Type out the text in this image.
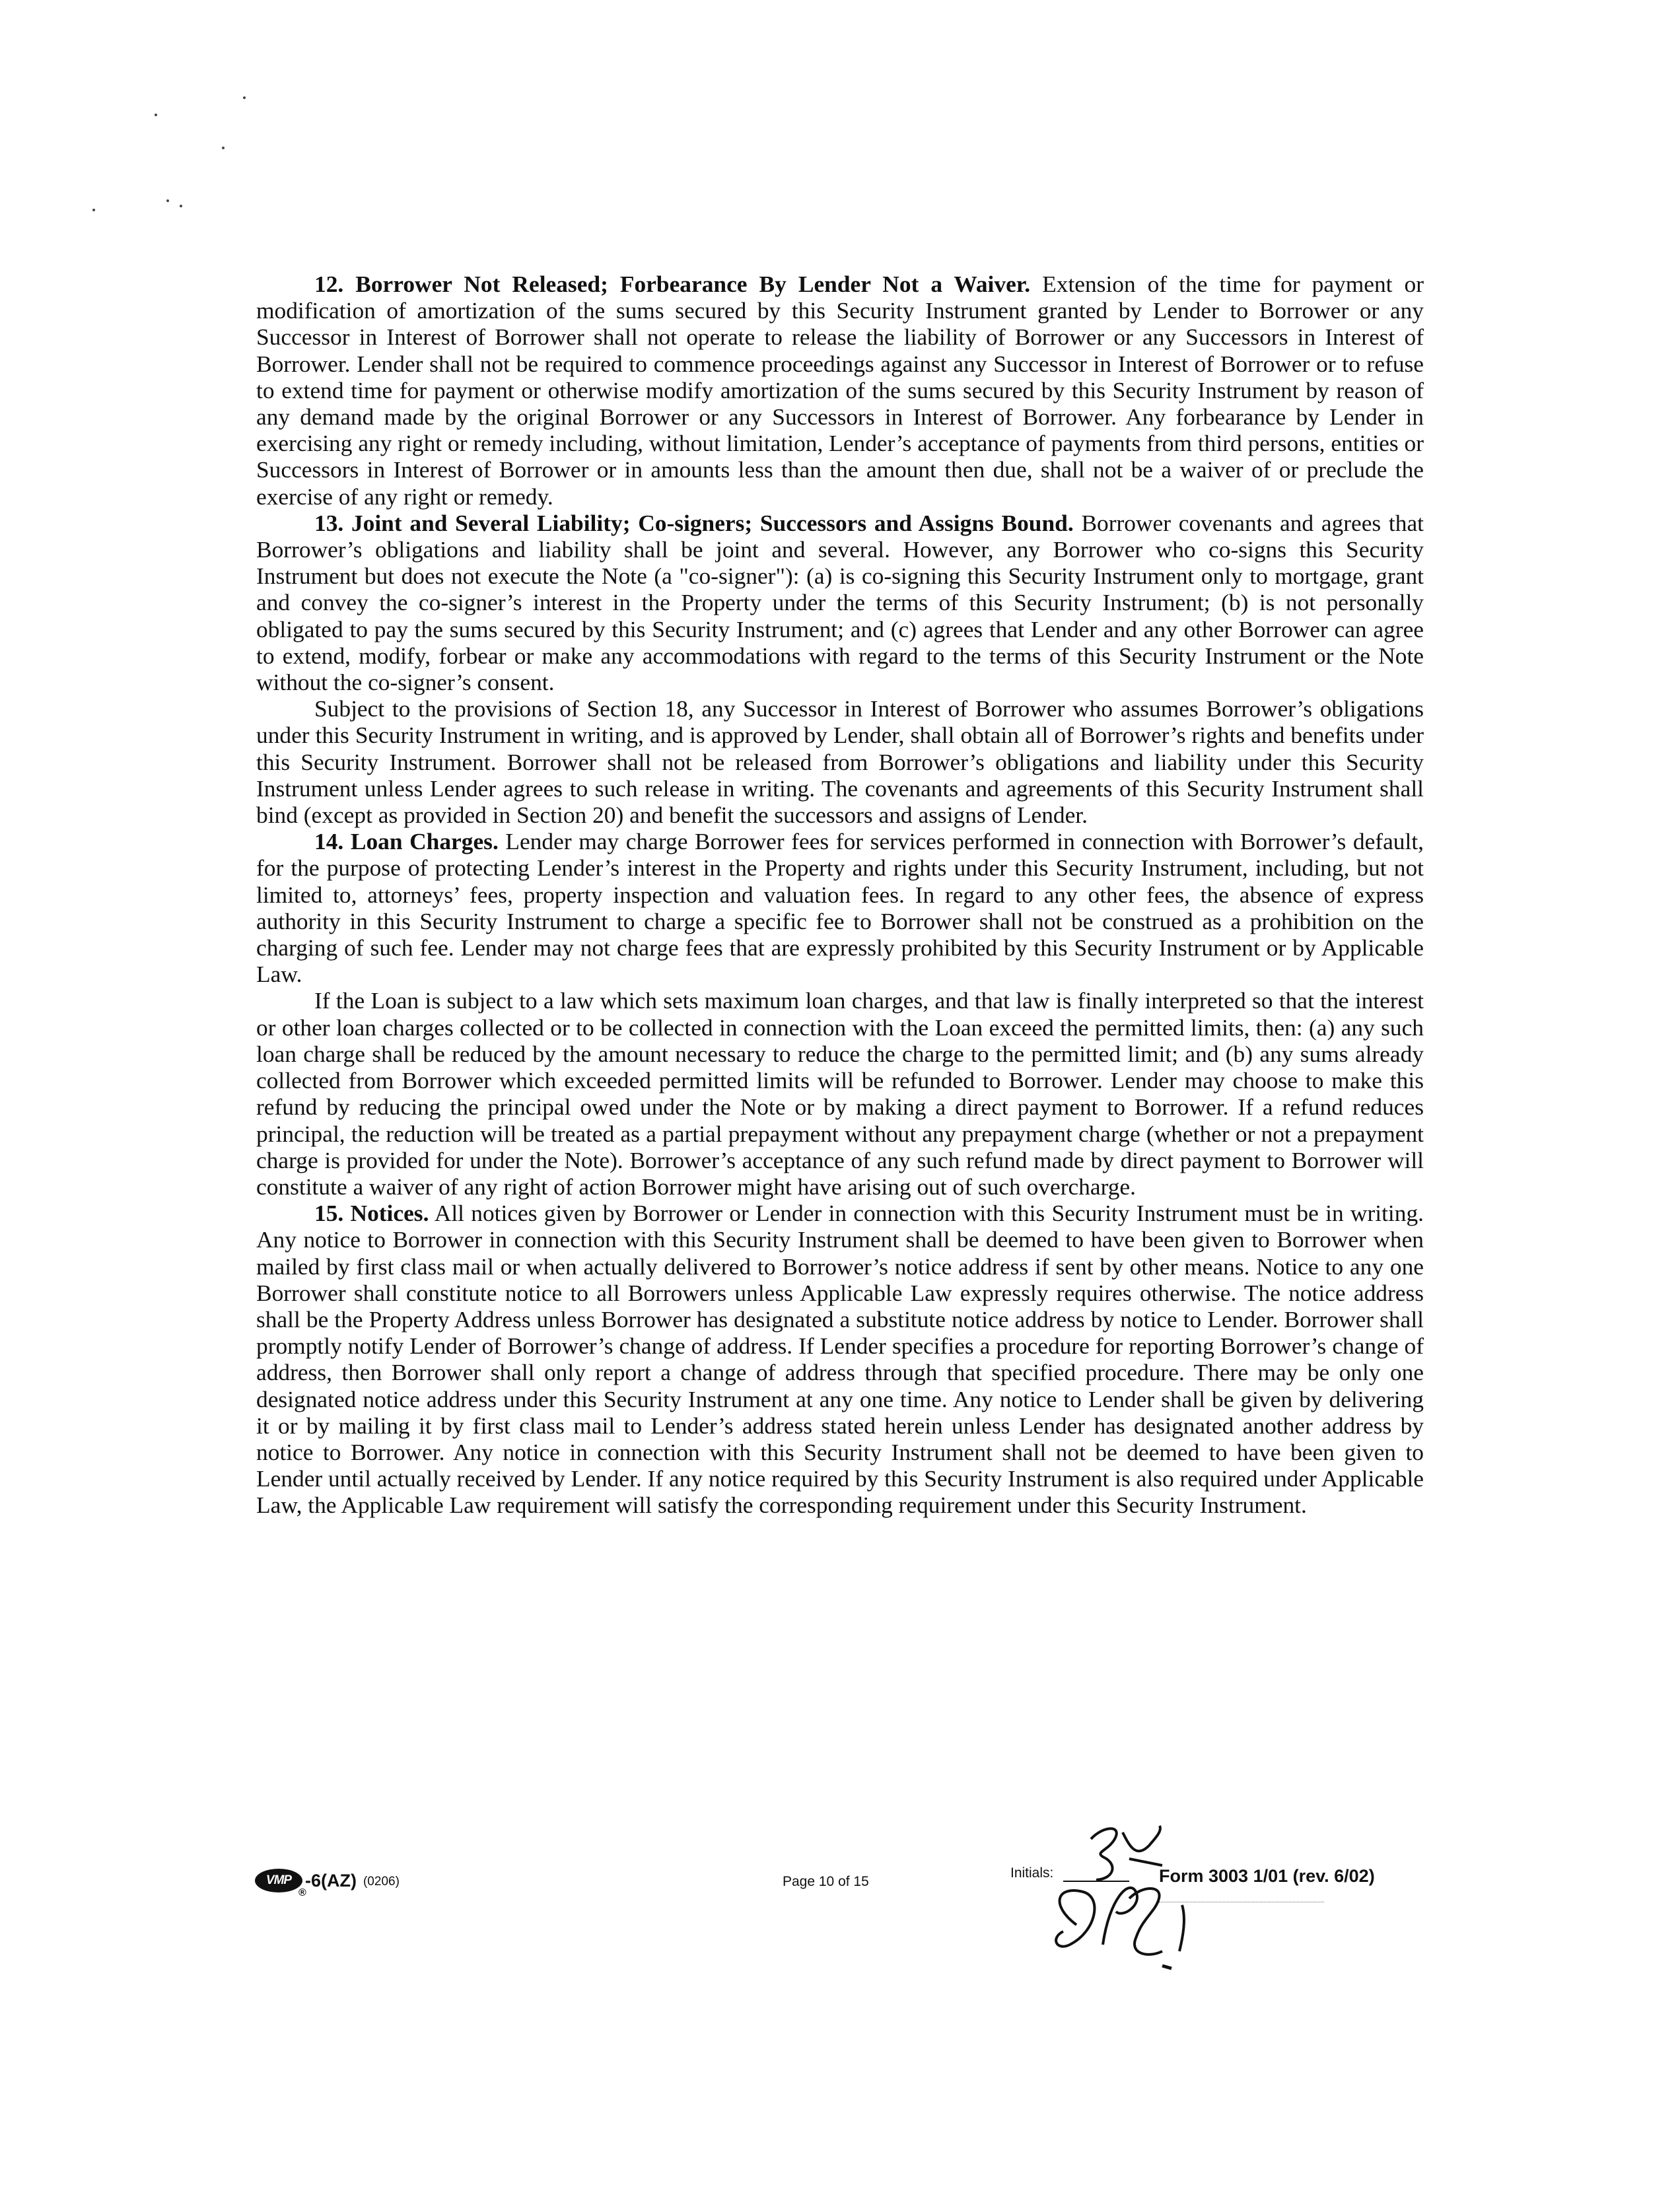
12. Borrower Not Released; Forbearance By Lender Not a Waiver. Extension of the time for payment or modification of amortization of the sums secured by this Security Instrument granted by Lender to Borrower or any Successor in Interest of Borrower shall not operate to release the liability of Borrower or any Successors in Interest of Borrower. Lender shall not be required to commence proceedings against any Successor in Interest of Borrower or to refuse to extend time for payment or otherwise modify amortization of the sums secured by this Security Instrument by reason of any demand made by the original Borrower or any Successors in Interest of Borrower. Any forbearance by Lender in exercising any right or remedy including, without limitation, Lender’s acceptance of payments from third persons, entities or Successors in Interest of Borrower or in amounts less than the amount then due, shall not be a waiver of or preclude the exercise of any right or remedy.

13. Joint and Several Liability; Co-signers; Successors and Assigns Bound. Borrower covenants and agrees that Borrower’s obligations and liability shall be joint and several. However, any Borrower who co-signs this Security Instrument but does not execute the Note (a "co-signer"): (a) is co-signing this Security Instrument only to mortgage, grant and convey the co-signer’s interest in the Property under the terms of this Security Instrument; (b) is not personally obligated to pay the sums secured by this Security Instrument; and (c) agrees that Lender and any other Borrower can agree to extend, modify, forbear or make any accommodations with regard to the terms of this Security Instrument or the Note without the co-signer’s consent.

Subject to the provisions of Section 18, any Successor in Interest of Borrower who assumes Borrower’s obligations under this Security Instrument in writing, and is approved by Lender, shall obtain all of Borrower’s rights and benefits under this Security Instrument. Borrower shall not be released from Borrower’s obligations and liability under this Security Instrument unless Lender agrees to such release in writing. The covenants and agreements of this Security Instrument shall bind (except as provided in Section 20) and benefit the successors and assigns of Lender.

14. Loan Charges. Lender may charge Borrower fees for services performed in connection with Borrower’s default, for the purpose of protecting Lender’s interest in the Property and rights under this Security Instrument, including, but not limited to, attorneys’ fees, property inspection and valuation fees. In regard to any other fees, the absence of express authority in this Security Instrument to charge a specific fee to Borrower shall not be construed as a prohibition on the charging of such fee. Lender may not charge fees that are expressly prohibited by this Security Instrument or by Applicable Law.

If the Loan is subject to a law which sets maximum loan charges, and that law is finally interpreted so that the interest or other loan charges collected or to be collected in connection with the Loan exceed the permitted limits, then: (a) any such loan charge shall be reduced by the amount necessary to reduce the charge to the permitted limit; and (b) any sums already collected from Borrower which exceeded permitted limits will be refunded to Borrower. Lender may choose to make this refund by reducing the principal owed under the Note or by making a direct payment to Borrower. If a refund reduces principal, the reduction will be treated as a partial prepayment without any prepayment charge (whether or not a prepayment charge is provided for under the Note). Borrower’s acceptance of any such refund made by direct payment to Borrower will constitute a waiver of any right of action Borrower might have arising out of such overcharge.

15. Notices. All notices given by Borrower or Lender in connection with this Security Instrument must be in writing. Any notice to Borrower in connection with this Security Instrument shall be deemed to have been given to Borrower when mailed by first class mail or when actually delivered to Borrower’s notice address if sent by other means. Notice to any one Borrower shall constitute notice to all Borrowers unless Applicable Law expressly requires otherwise. The notice address shall be the Property Address unless Borrower has designated a substitute notice address by notice to Lender. Borrower shall promptly notify Lender of Borrower’s change of address. If Lender specifies a procedure for reporting Borrower’s change of address, then Borrower shall only report a change of address through that specified procedure. There may be only one designated notice address under this Security Instrument at any one time. Any notice to Lender shall be given by delivering it or by mailing it by first class mail to Lender’s address stated herein unless Lender has designated another address by notice to Borrower. Any notice in connection with this Security Instrument shall not be deemed to have been given to Lender until actually received by Lender. If any notice required by this Security Instrument is also required under Applicable Law, the Applicable Law requirement will satisfy the corresponding requirement under this Security Instrument.

VMP
®
-6(AZ) (0206)	Page 10 of 15
Initials:	Form 3003 1/01 (rev. 6/02)
